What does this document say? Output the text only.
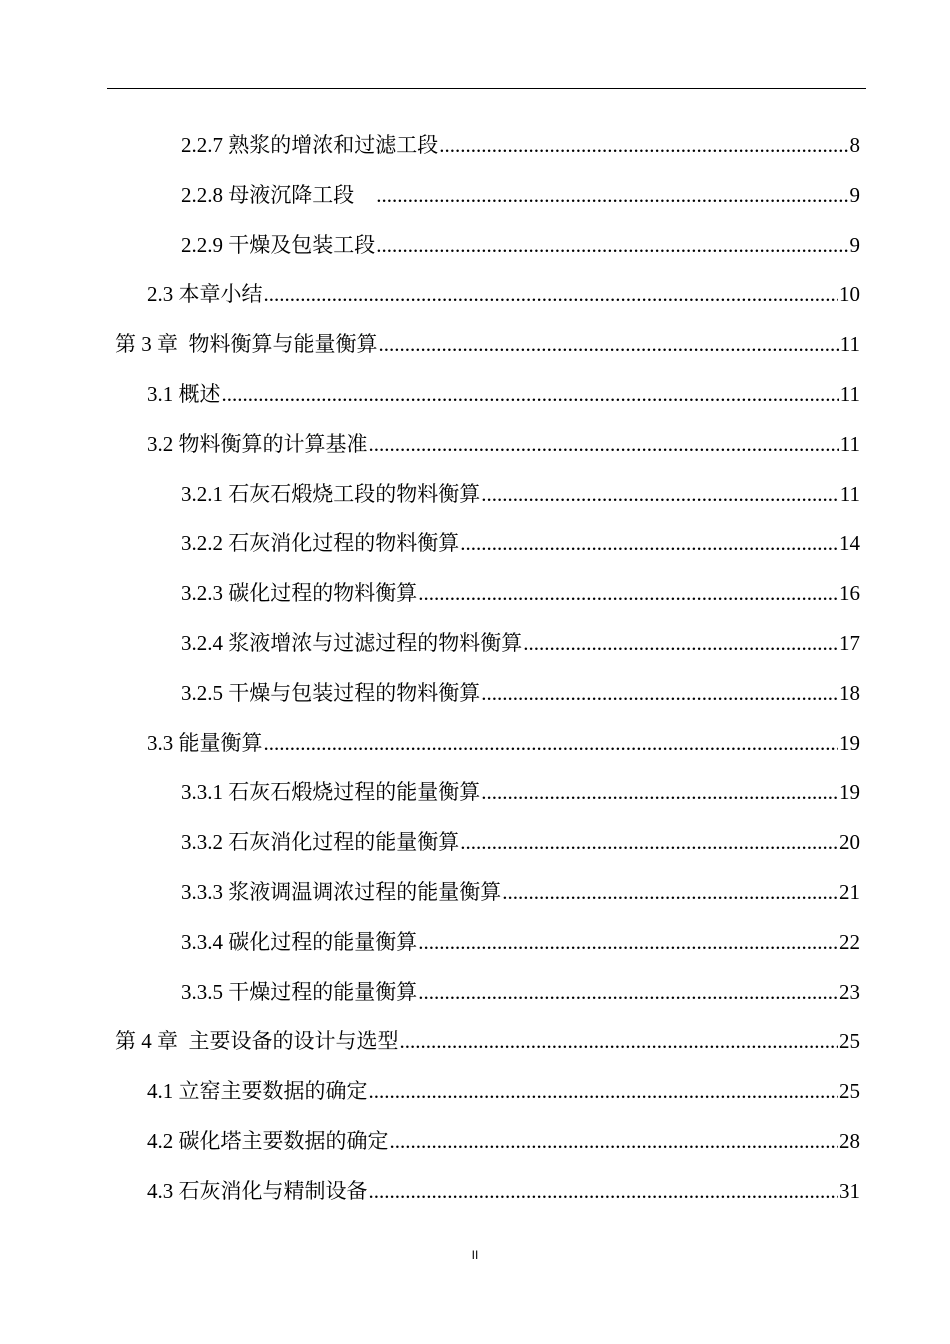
2.2.7 熟浆的增浓和过滤工段 .....	8
2.2.8 母液沉降工段　 .....	9
2.2.9 干燥及包装工段 .....	9
2.3 本章小结 .....	10
第 3 章  物料衡算与能量衡算 .....	11
3.1 概述 .....	11
3.2 物料衡算的计算基准 .....	11
3.2.1 石灰石煅烧工段的物料衡算 .....	11
3.2.2 石灰消化过程的物料衡算 .....	14
3.2.3 碳化过程的物料衡算 .....	16
3.2.4 浆液增浓与过滤过程的物料衡算 .....	17
3.2.5 干燥与包装过程的物料衡算 .....	18
3.3 能量衡算 .....	19
3.3.1 石灰石煅烧过程的能量衡算 .....	19
3.3.2 石灰消化过程的能量衡算 .....	20
3.3.3 浆液调温调浓过程的能量衡算 .....	21
3.3.4 碳化过程的能量衡算 .....	22
3.3.5 干燥过程的能量衡算 .....	23
第 4 章  主要设备的设计与选型 .....	25
4.1 立窑主要数据的确定 .....	25
4.2 碳化塔主要数据的确定 .....	28
4.3 石灰消化与精制设备 .....	31
II
